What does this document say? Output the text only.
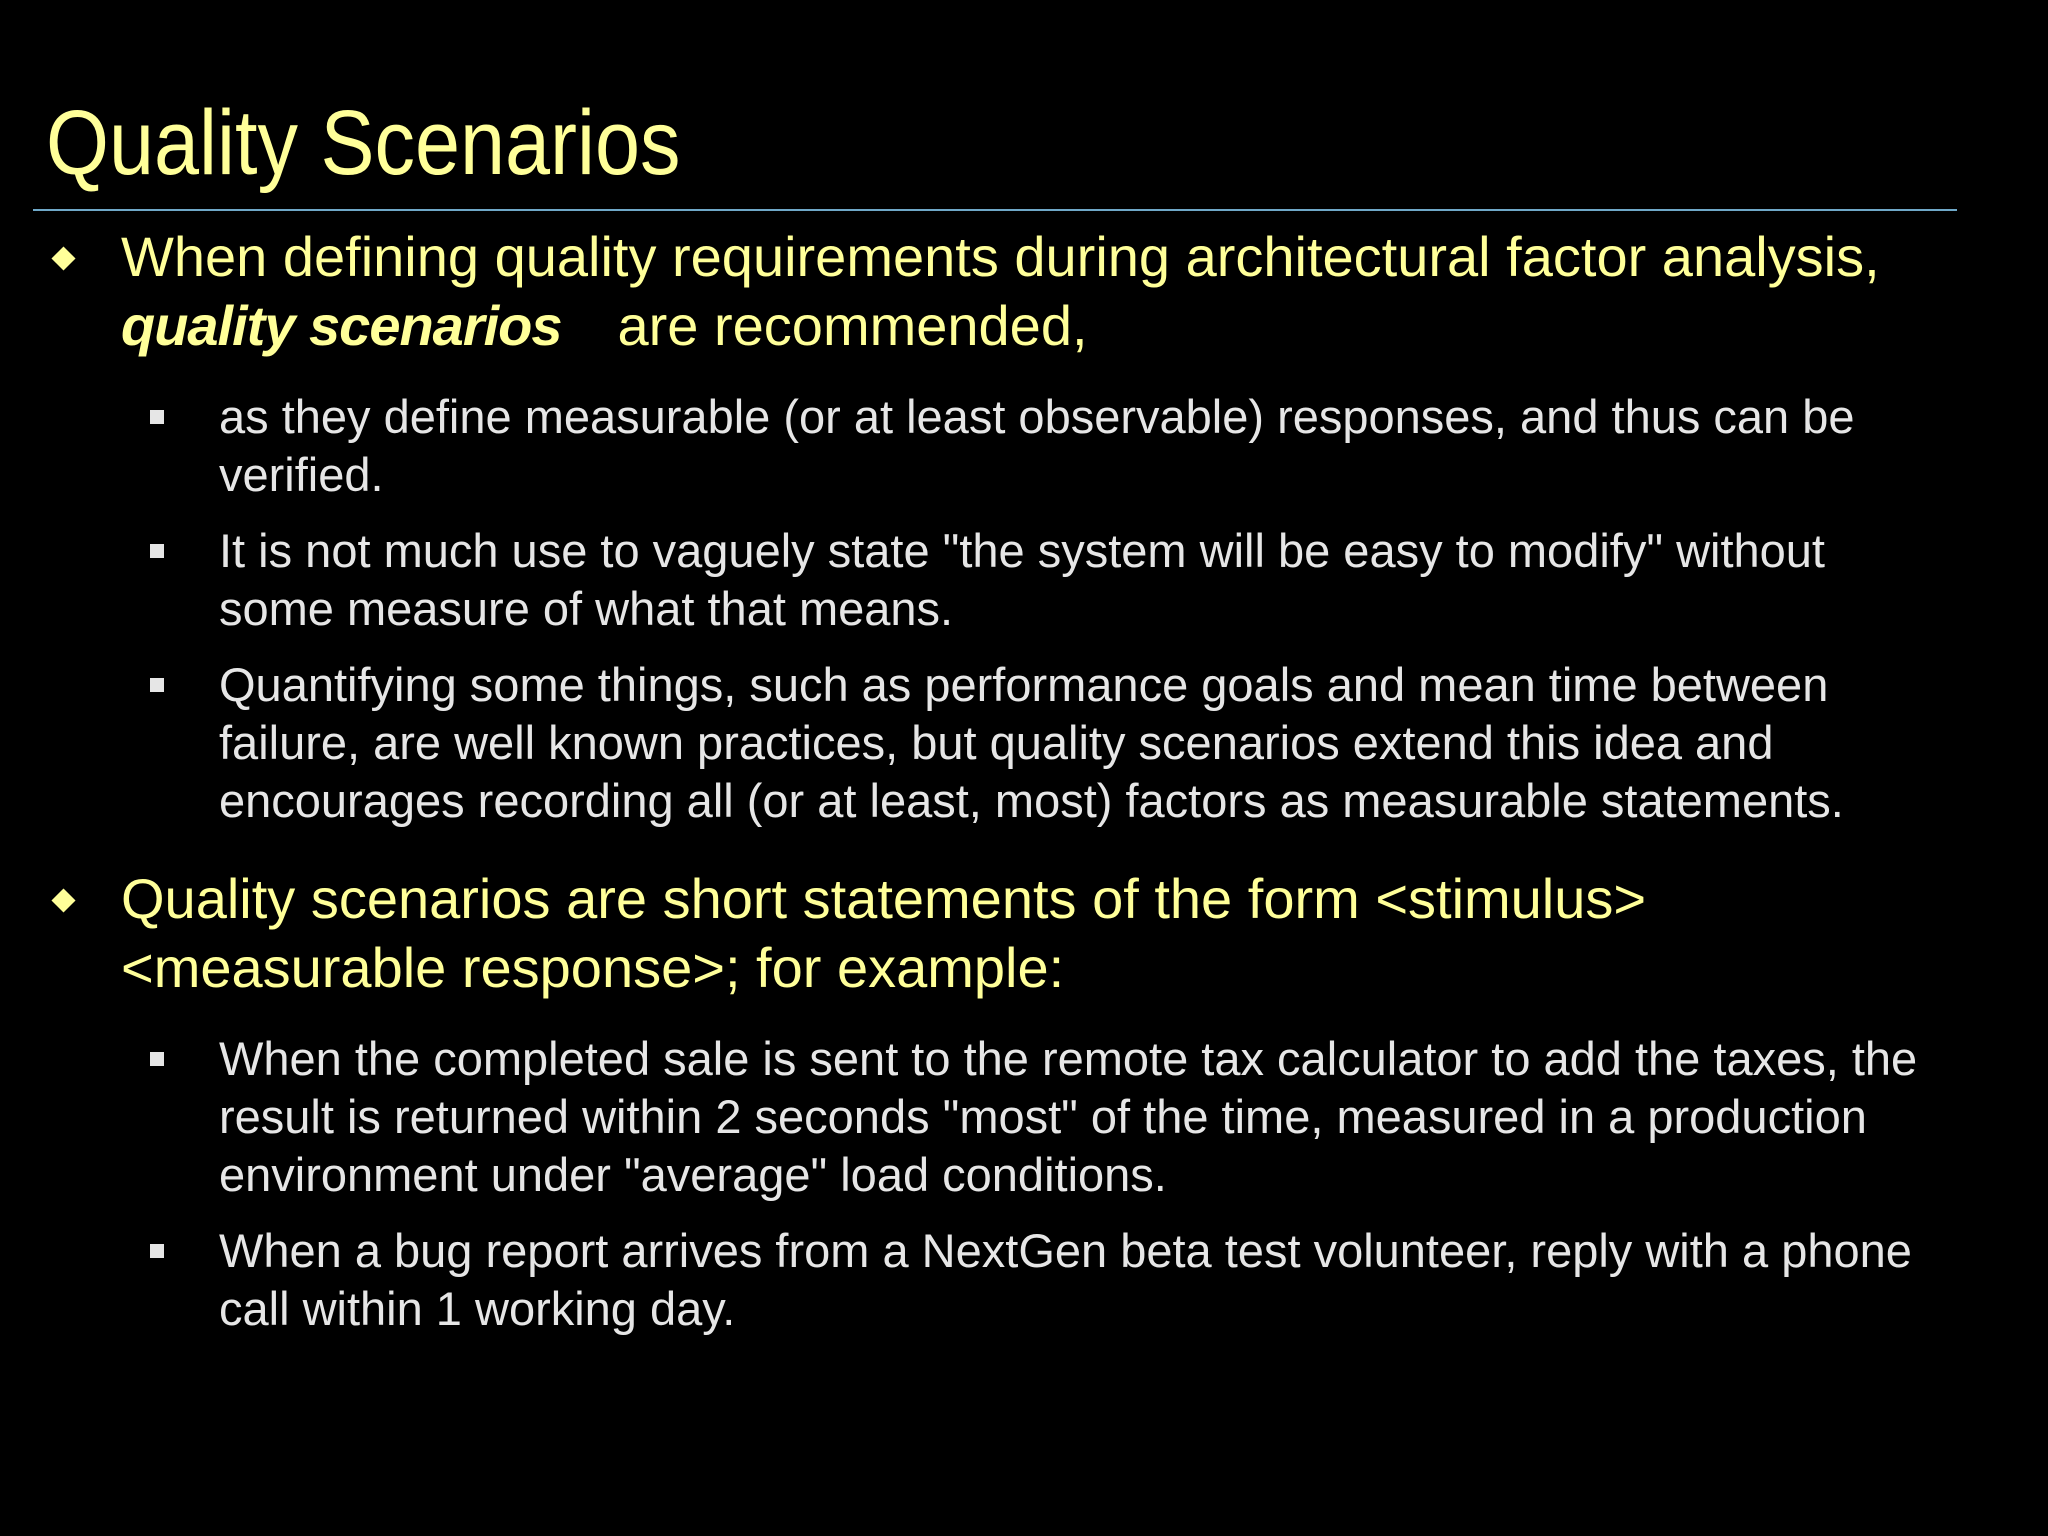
Quality Scenarios
When defining quality requirements during architectural factor analysis, quality scenarios are recommended,
as they define measurable (or at least observable) responses, and thus can be verified.
It is not much use to vaguely state "the system will be easy to modify" without some measure of what that means.
Quantifying some things, such as performance goals and mean time between failure, are well known practices, but quality scenarios extend this idea and encourages recording all (or at least, most) factors as measurable statements.
Quality scenarios are short statements of the form <stimulus> <measurable response>; for example:
When the completed sale is sent to the remote tax calculator to add the taxes, the result is returned within 2 seconds "most" of the time, measured in a production environment under "average" load conditions.
When a bug report arrives from a NextGen beta test volunteer, reply with a phone call within 1 working day.
